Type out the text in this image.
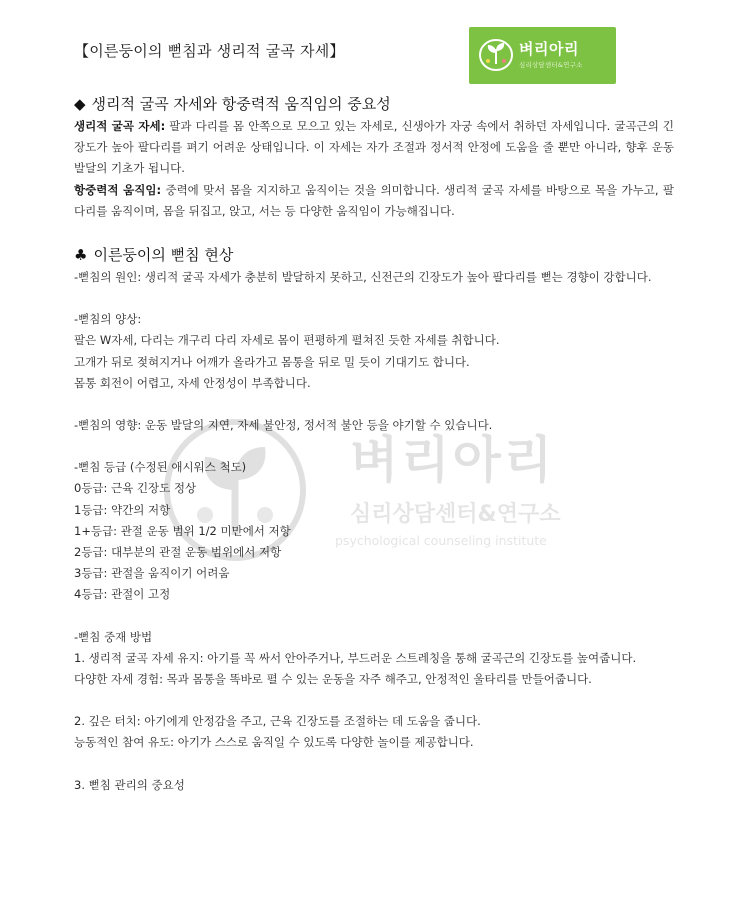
【이른둥이의 뻗침과 생리적 굴곡 자세】	벼리아리
심리상담센터&연구소
벼리아리
심리상담센터&연구소
psychological counseling institute
◆ 생리적 굴곡 자세와 항중력적 움직임의 중요성

생리적 굴곡 자세: 팔과 다리를 몸 안쪽으로 모으고 있는 자세로, 신생아가 자궁 속에서 취하던 자세입니다. 굴곡근의 긴장도가 높아 팔다리를 펴기 어려운 상태입니다. 이 자세는 자가 조절과 정서적 안정에 도움을 줄 뿐만 아니라, 향후 운동 발달의 기초가 됩니다.

항중력적 움직임: 중력에 맞서 몸을 지지하고 움직이는 것을 의미합니다. 생리적 굴곡 자세를 바탕으로 목을 가누고, 팔다리를 움직이며, 몸을 뒤집고, 앉고, 서는 등 다양한 움직임이 가능해집니다.

♣ 이른둥이의 뻗침 현상

-뻗침의 원인: 생리적 굴곡 자세가 충분히 발달하지 못하고, 신전근의 긴장도가 높아 팔다리를 뻗는 경향이 강합니다.

-뻗침의 양상:

팔은 W자세, 다리는 개구리 다리 자세로 몸이 편평하게 펼쳐진 듯한 자세를 취합니다.

고개가 뒤로 젖혀지거나 어깨가 올라가고 몸통을 뒤로 밀 듯이 기대기도 합니다.

몸통 회전이 어렵고, 자세 안정성이 부족합니다.

-뻗침의 영향: 운동 발달의 지연, 자세 불안정, 정서적 불안 등을 야기할 수 있습니다.

-뻗침 등급 (수정된 애시워스 척도)

0등급: 근육 긴장도 정상

1등급: 약간의 저항

1+등급: 관절 운동 범위 1/2 미만에서 저항

2등급: 대부분의 관절 운동 범위에서 저항

3등급: 관절을 움직이기 어려움

4등급: 관절이 고정

-뻗침 중재 방법

1. 생리적 굴곡 자세 유지: 아기를 꼭 싸서 안아주거나, 부드러운 스트레칭을 통해 굴곡근의 긴장도를 높여줍니다.

다양한 자세 경험: 목과 몸통을 똑바로 펼 수 있는 운동을 자주 해주고, 안정적인 울타리를 만들어줍니다.

2. 깊은 터치: 아기에게 안정감을 주고, 근육 긴장도를 조절하는 데 도움을 줍니다.

능동적인 참여 유도: 아기가 스스로 움직일 수 있도록 다양한 놀이를 제공합니다.

3. 뻗침 관리의 중요성
